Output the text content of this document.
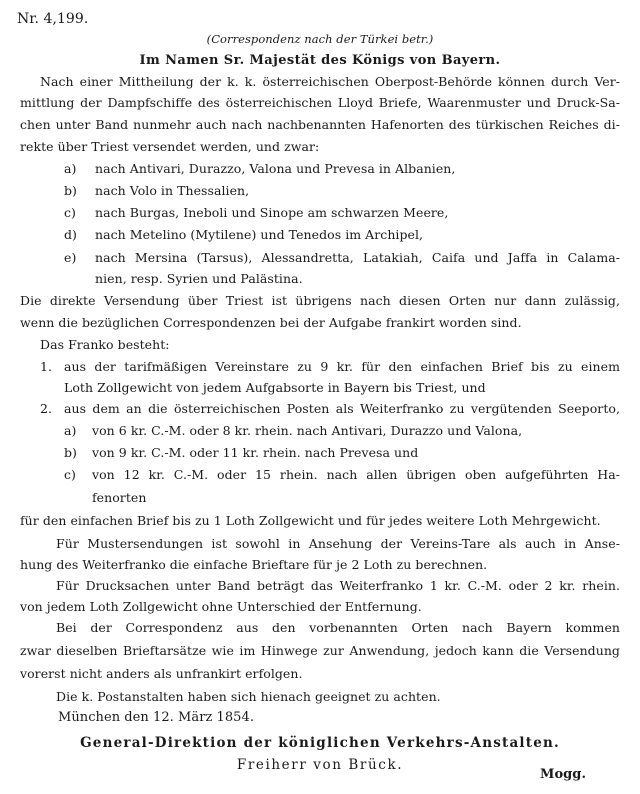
Nr. 4,199.
(Correspondenz nach der Türkei betr.)
Im Namen Sr. Majestät des Königs von Bayern.
Nach einer Mittheilung der k. k. österreichischen Oberpost-Behörde können durch Ver-
mittlung der Dampfschiffe des österreichischen Lloyd Briefe, Waarenmuster und Druck-Sa-
chen unter Band nunmehr auch nach nachbenannten Hafenorten des türkischen Reiches di-
rekte über Triest versendet werden, und zwar:
a) nach Antivari, Durazzo, Valona und Prevesa in Albanien,
b) nach Volo in Thessalien,
c) nach Burgas, Ineboli und Sinope am schwarzen Meere,
d) nach Metelino (Mytilene) und Tenedos im Archipel,
e) nach Mersina (Tarsus), Alessandretta, Latakiah, Caifa und Jaffa in Calama-
nien, resp. Syrien und Palästina.
Die direkte Versendung über Triest ist übrigens nach diesen Orten nur dann zulässig,
wenn die bezüglichen Correspondenzen bei der Aufgabe frankirt worden sind.
Das Franko besteht:
1. aus der tarifmäßigen Vereinstare zu 9 kr. für den einfachen Brief bis zu einem
Loth Zollgewicht von jedem Aufgabsorte in Bayern bis Triest, und
2. aus dem an die österreichischen Posten als Weiterfranko zu vergütenden Seeporto,
a) von 6 kr. C.-M. oder 8 kr. rhein. nach Antivari, Durazzo und Valona,
b) von 9 kr. C.-M. oder 11 kr. rhein. nach Prevesa und
c) von 12 kr. C.-M. oder 15 rhein. nach allen übrigen oben aufgeführten Ha-
fenorten
für den einfachen Brief bis zu 1 Loth Zollgewicht und für jedes weitere Loth Mehrgewicht.
Für Mustersendungen ist sowohl in Ansehung der Vereins-Tare als auch in Anse-
hung des Weiterfranko die einfache Brieftare für je 2 Loth zu berechnen.
Für Drucksachen unter Band beträgt das Weiterfranko 1 kr. C.-M. oder 2 kr. rhein.
von jedem Loth Zollgewicht ohne Unterschied der Entfernung.
Bei der Correspondenz aus den vorbenannten Orten nach Bayern kommen
zwar dieselben Brieftarsätze wie im Hinwege zur Anwendung, jedoch kann die Versendung
vorerst nicht anders als unfrankirt erfolgen.
München den 12. März 1854.
General-Direktion der königlichen Verkehrs-Anstalten.
Freiherr von Brück.
Mogg.
Die k. Postanstalten haben sich hienach geeignet zu achten.
